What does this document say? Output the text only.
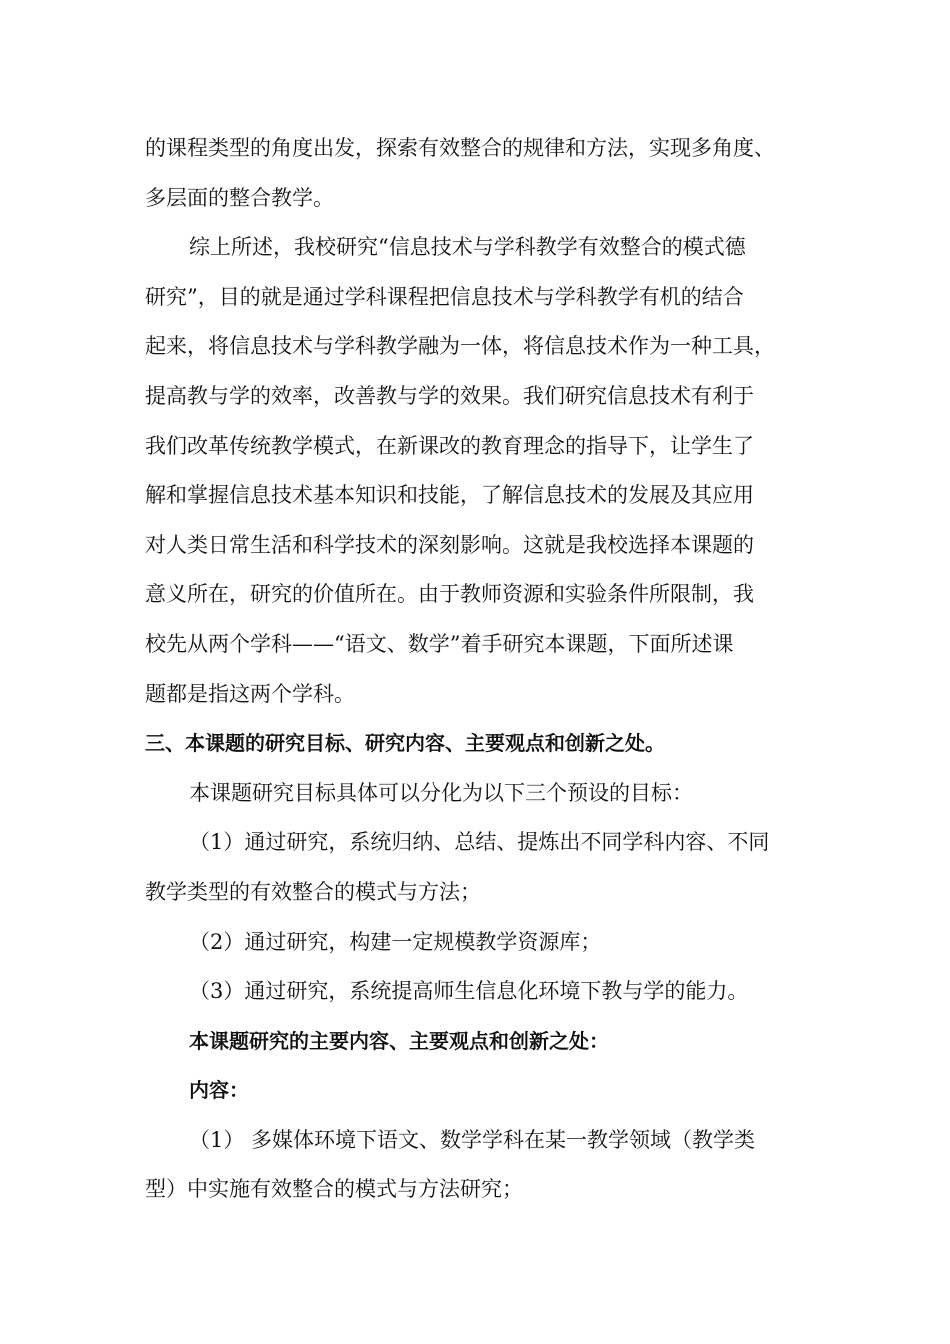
的课程类型的角度出发，探索有效整合的规律和方法，实现多角度、

多层面的整合教学。

综上所述，我校研究“信息技术与学科教学有效整合的模式德

研究”，目的就是通过学科课程把信息技术与学科教学有机的结合

起来，将信息技术与学科教学融为一体，将信息技术作为一种工具，

提高教与学的效率，改善教与学的效果。我们研究信息技术有利于

我们改革传统教学模式，在新课改的教育理念的指导下，让学生了

解和掌握信息技术基本知识和技能，了解信息技术的发展及其应用

对人类日常生活和科学技术的深刻影响。这就是我校选择本课题的

意义所在，研究的价值所在。由于教师资源和实验条件所限制，我

校先从两个学科——“语文、数学”着手研究本课题，下面所述课

题都是指这两个学科。

三、本课题的研究目标、研究内容、主要观点和创新之处。

本课题研究目标具体可以分化为以下三个预设的目标：

（1）通过研究，系统归纳、总结、提炼出不同学科内容、不同

教学类型的有效整合的模式与方法；

（2）通过研究，构建一定规模教学资源库；

（3）通过研究，系统提高师生信息化环境下教与学的能力。

本课题研究的主要内容、主要观点和创新之处：

内容：

（1） 多媒体环境下语文、数学学科在某一教学领域（教学类

型）中实施有效整合的模式与方法研究；
